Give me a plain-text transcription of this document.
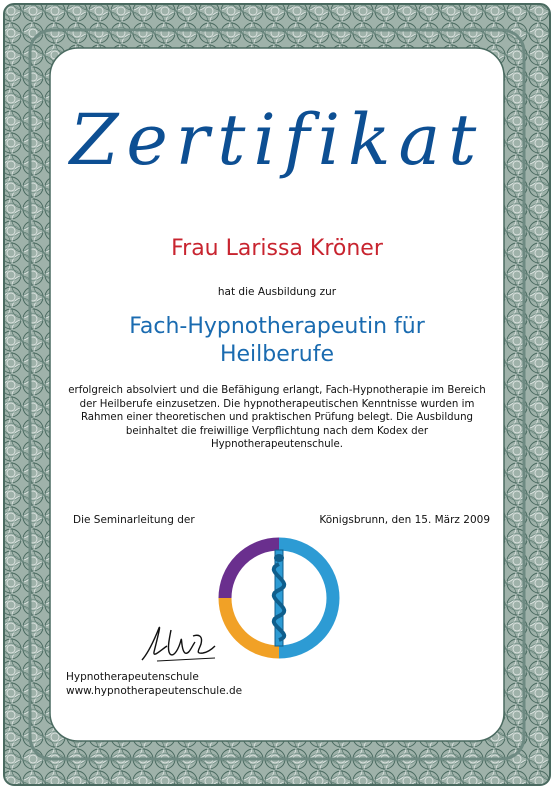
Zertifikat
Frau Larissa Kröner
hat die Ausbildung zur
Fach-Hypnotherapeutin für Heilberufe
erfolgreich absolviert und die Befähigung erlangt, Fach-Hypnotherapie im Bereich der Heilberufe einzusetzen. Die hypnotherapeutischen Kenntnisse wurden im Rahmen einer theoretischen und praktischen Prüfung belegt. Die Ausbildung beinhaltet die freiwillige Verpflichtung nach dem Kodex der Hypnotherapeutenschule.
Die Seminarleitung der	Königsbrunn, den 15. März 2009
Hypnotherapeutenschule
www.hypnotherapeutenschule.de
